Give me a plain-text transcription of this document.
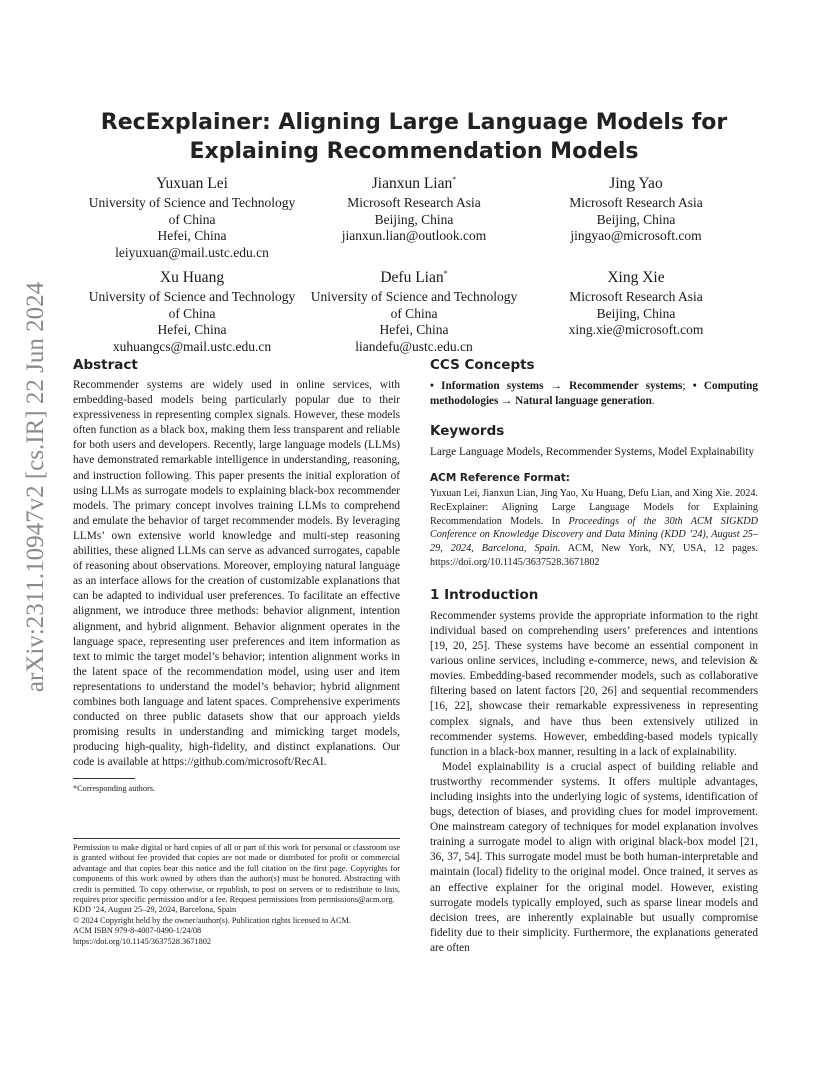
arXiv:2311.10947v2 [cs.IR] 22 Jun 2024
RecExplainer: Aligning Large Language Models for Explaining Recommendation Models
Yuxuan Lei
University of Science and Technology
of China
Hefei, China
leiyuxuan@mail.ustc.edu.cn
Jianxun Lian*
Microsoft Research Asia
Beijing, China
jianxun.lian@outlook.com
Jing Yao
Microsoft Research Asia
Beijing, China
jingyao@microsoft.com
Xu Huang
University of Science and Technology
of China
Hefei, China
xuhuangcs@mail.ustc.edu.cn
Defu Lian*
University of Science and Technology
of China
Hefei, China
liandefu@ustc.edu.cn
Xing Xie
Microsoft Research Asia
Beijing, China
xing.xie@microsoft.com
Abstract

Recommender systems are widely used in online services, with embedding-based models being particularly popular due to their expressiveness in representing complex signals. However, these models often function as a black box, making them less transparent and reliable for both users and developers. Recently, large language models (LLMs) have demonstrated remarkable intelligence in understanding, reasoning, and instruction following. This paper presents the initial exploration of using LLMs as surrogate models to explaining black-box recommender models. The primary concept involves training LLMs to comprehend and emulate the behavior of target recommender models. By leveraging LLMs’ own extensive world knowledge and multi-step reasoning abilities, these aligned LLMs can serve as advanced surrogates, capable of reasoning about observations. Moreover, employing natural language as an interface allows for the creation of customizable explanations that can be adapted to individual user preferences. To facilitate an effective alignment, we introduce three methods: behavior alignment, intention alignment, and hybrid alignment. Behavior alignment operates in the language space, representing user preferences and item information as text to mimic the target model’s behavior; intention alignment works in the latent space of the recommendation model, using user and item representations to understand the model’s behavior; hybrid alignment combines both language and latent spaces. Comprehensive experiments conducted on three public datasets show that our approach yields promising results in understanding and mimicking target models, producing high-quality, high-fidelity, and distinct explanations. Our code is available at https://github.com/microsoft/RecAI.

*Corresponding authors.
Permission to make digital or hard copies of all or part of this work for personal or classroom use is granted without fee provided that copies are not made or distributed for profit or commercial advantage and that copies bear this notice and the full citation on the first page. Copyrights for components of this work owned by others than the author(s) must be honored. Abstracting with credit is permitted. To copy otherwise, or republish, to post on servers or to redistribute to lists, requires prior specific permission and/or a fee. Request permissions from permissions@acm.org.
KDD ’24, August 25–29, 2024, Barcelona, Spain
© 2024 Copyright held by the owner/author(s). Publication rights licensed to ACM.
ACM ISBN 979-8-4007-0490-1/24/08
https://doi.org/10.1145/3637528.3671802
CCS Concepts
• Information systems → Recommender systems; • Computing methodologies → Natural language generation.
Keywords

Large Language Models, Recommender Systems, Model Explainability

ACM Reference Format:

Yuxuan Lei, Jianxun Lian, Jing Yao, Xu Huang, Defu Lian, and Xing Xie. 2024. RecExplainer: Aligning Large Language Models for Explaining Recommendation Models. In Proceedings of the 30th ACM SIGKDD Conference on Knowledge Discovery and Data Mining (KDD ’24), August 25–29, 2024, Barcelona, Spain. ACM, New York, NY, USA, 12 pages. https://doi.org/10.1145/3637528.3671802

1 Introduction

Recommender systems provide the appropriate information to the right individual based on comprehending users’ preferences and intentions [19, 20, 25]. These systems have become an essential component in various online services, including e-commerce, news, and television & movies. Embedding-based recommender models, such as collaborative filtering based on latent factors [20, 26] and sequential recommenders [16, 22], showcase their remarkable expressiveness in representing complex signals, and have thus been extensively utilized in recommender systems. However, embedding-based models typically function in a black-box manner, resulting in a lack of explainability.

Model explainability is a crucial aspect of building reliable and trustworthy recommender systems. It offers multiple advantages, including insights into the underlying logic of systems, identification of bugs, detection of biases, and providing clues for model improvement. One mainstream category of techniques for model explanation involves training a surrogate model to align with original black-box model [21, 36, 37, 54]. This surrogate model must be both human-interpretable and maintain (local) fidelity to the original model. Once trained, it serves as an effective explainer for the original model. However, existing surrogate models typically employed, such as sparse linear models and decision trees, are inherently explainable but usually compromise fidelity due to their simplicity. Furthermore, the explanations generated are often
